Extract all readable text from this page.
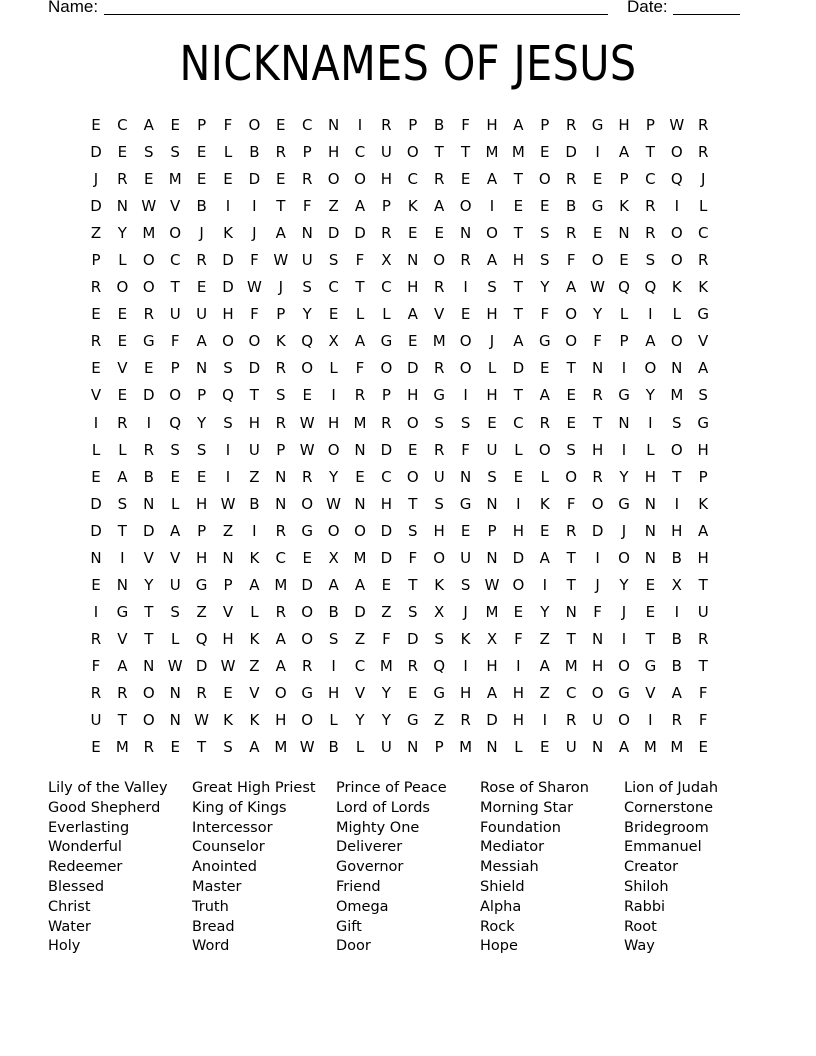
Name:	Date:
NICKNAMES OF JESUS
E	C	A	E	P	F	O	E	C	N	I	R	P	B	F	H	A	P	R	G H	P W R
D	E	S	S	E	L	B	R	P	H	C	U	O	T	T	M M	E	D	I	A	T	O	R
J	R	E	M	E	E	D	E	R	O O H	C	R	E	A	T	O	R	E	P	C	Q	J
D N W V	B	I	I	T	F	Z	A	P	K	A	O	I	E	E	B	G	K	R	I	L
Z	Y	M O	J	K	J	A	N	D D	R	E	E	N O	T	S	R	E	N	R	O	C
P	L	O	C	R	D	F W U	S	F	X	N O	R	A	H	S	F	O	E	S	O	R
R	O O	T	E	D W	J	S	C	T	C	H	R	I	S	T	Y	A W Q Q	K	K
E	E	R	U	U	H	F	P	Y	E	L	L	A	V	E	H	T	F	O	Y	L	I	L	G
R	E	G	F	A	O O	K	Q	X	A	G	E	M O	J	A	G O	F	P	A	O	V
E	V	E	P	N	S	D	R	O	L	F	O D	R	O	L	D	E	T	N	I	O N	A
V	E	D O	P	Q	T	S	E	I	R	P	H G	I	H	T	A	E	R	G	Y	M	S
I	R	I	Q	Y	S	H	R W H M R	O	S	S	E	C	R	E	T	N	I	S	G
L	L	R	S	S	I	U	P W O N	D	E	R	F	U	L	O	S	H	I	L	O H
E	A	B	E	E	I	Z	N	R	Y	E	C	O U	N	S	E	L	O	R	Y	H	T	P
D	S	N	L	H W B	N O W N	H	T	S	G N	I	K	F	O G N	I	K
D	T	D	A	P	Z	I	R	G O O D	S	H	E	P	H	E	R	D	J	N	H	A
N	I	V	V	H	N	K	C	E	X M D	F	O	U	N	D	A	T	I	O N	B	H
E	N	Y	U	G	P	A M D	A	A	E	T	K	S W O	I	T	J	Y	E	X	T
I	G	T	S	Z	V	L	R	O	B	D	Z	S	X	J	M	E	Y	N	F	J	E	I	U
R	V	T	L	Q H	K	A	O	S	Z	F	D	S	K	X	F	Z	T	N	I	T	B	R
F	A	N W D W Z	A	R	I	C M R	Q	I	H	I	A M H O G	B	T
R	R	O N	R	E	V	O G H	V	Y	E	G H	A	H	Z	C	O G	V	A	F
U	T	O N W K	K	H O	L	Y	Y	G	Z	R	D H	I	R	U	O	I	R	F
E	M R	E	T	S	A M W B	L	U	N	P	M N	L	E	U	N	A M M	E
Lily of the Valley
Good Shepherd
Everlasting
Wonderful
Redeemer
Blessed
Christ
Water
Holy
Great High Priest
King of Kings
Intercessor
Counselor
Anointed
Master
Truth
Bread
Word
Prince of Peace
Lord of Lords
Mighty One
Deliverer
Governor
Friend
Omega
Gift
Door
Rose of Sharon
Morning Star
Foundation
Mediator
Messiah
Shield
Alpha
Rock
Hope
Lion of Judah
Cornerstone
Bridegroom
Emmanuel
Creator
Shiloh
Rabbi
Root
Way
